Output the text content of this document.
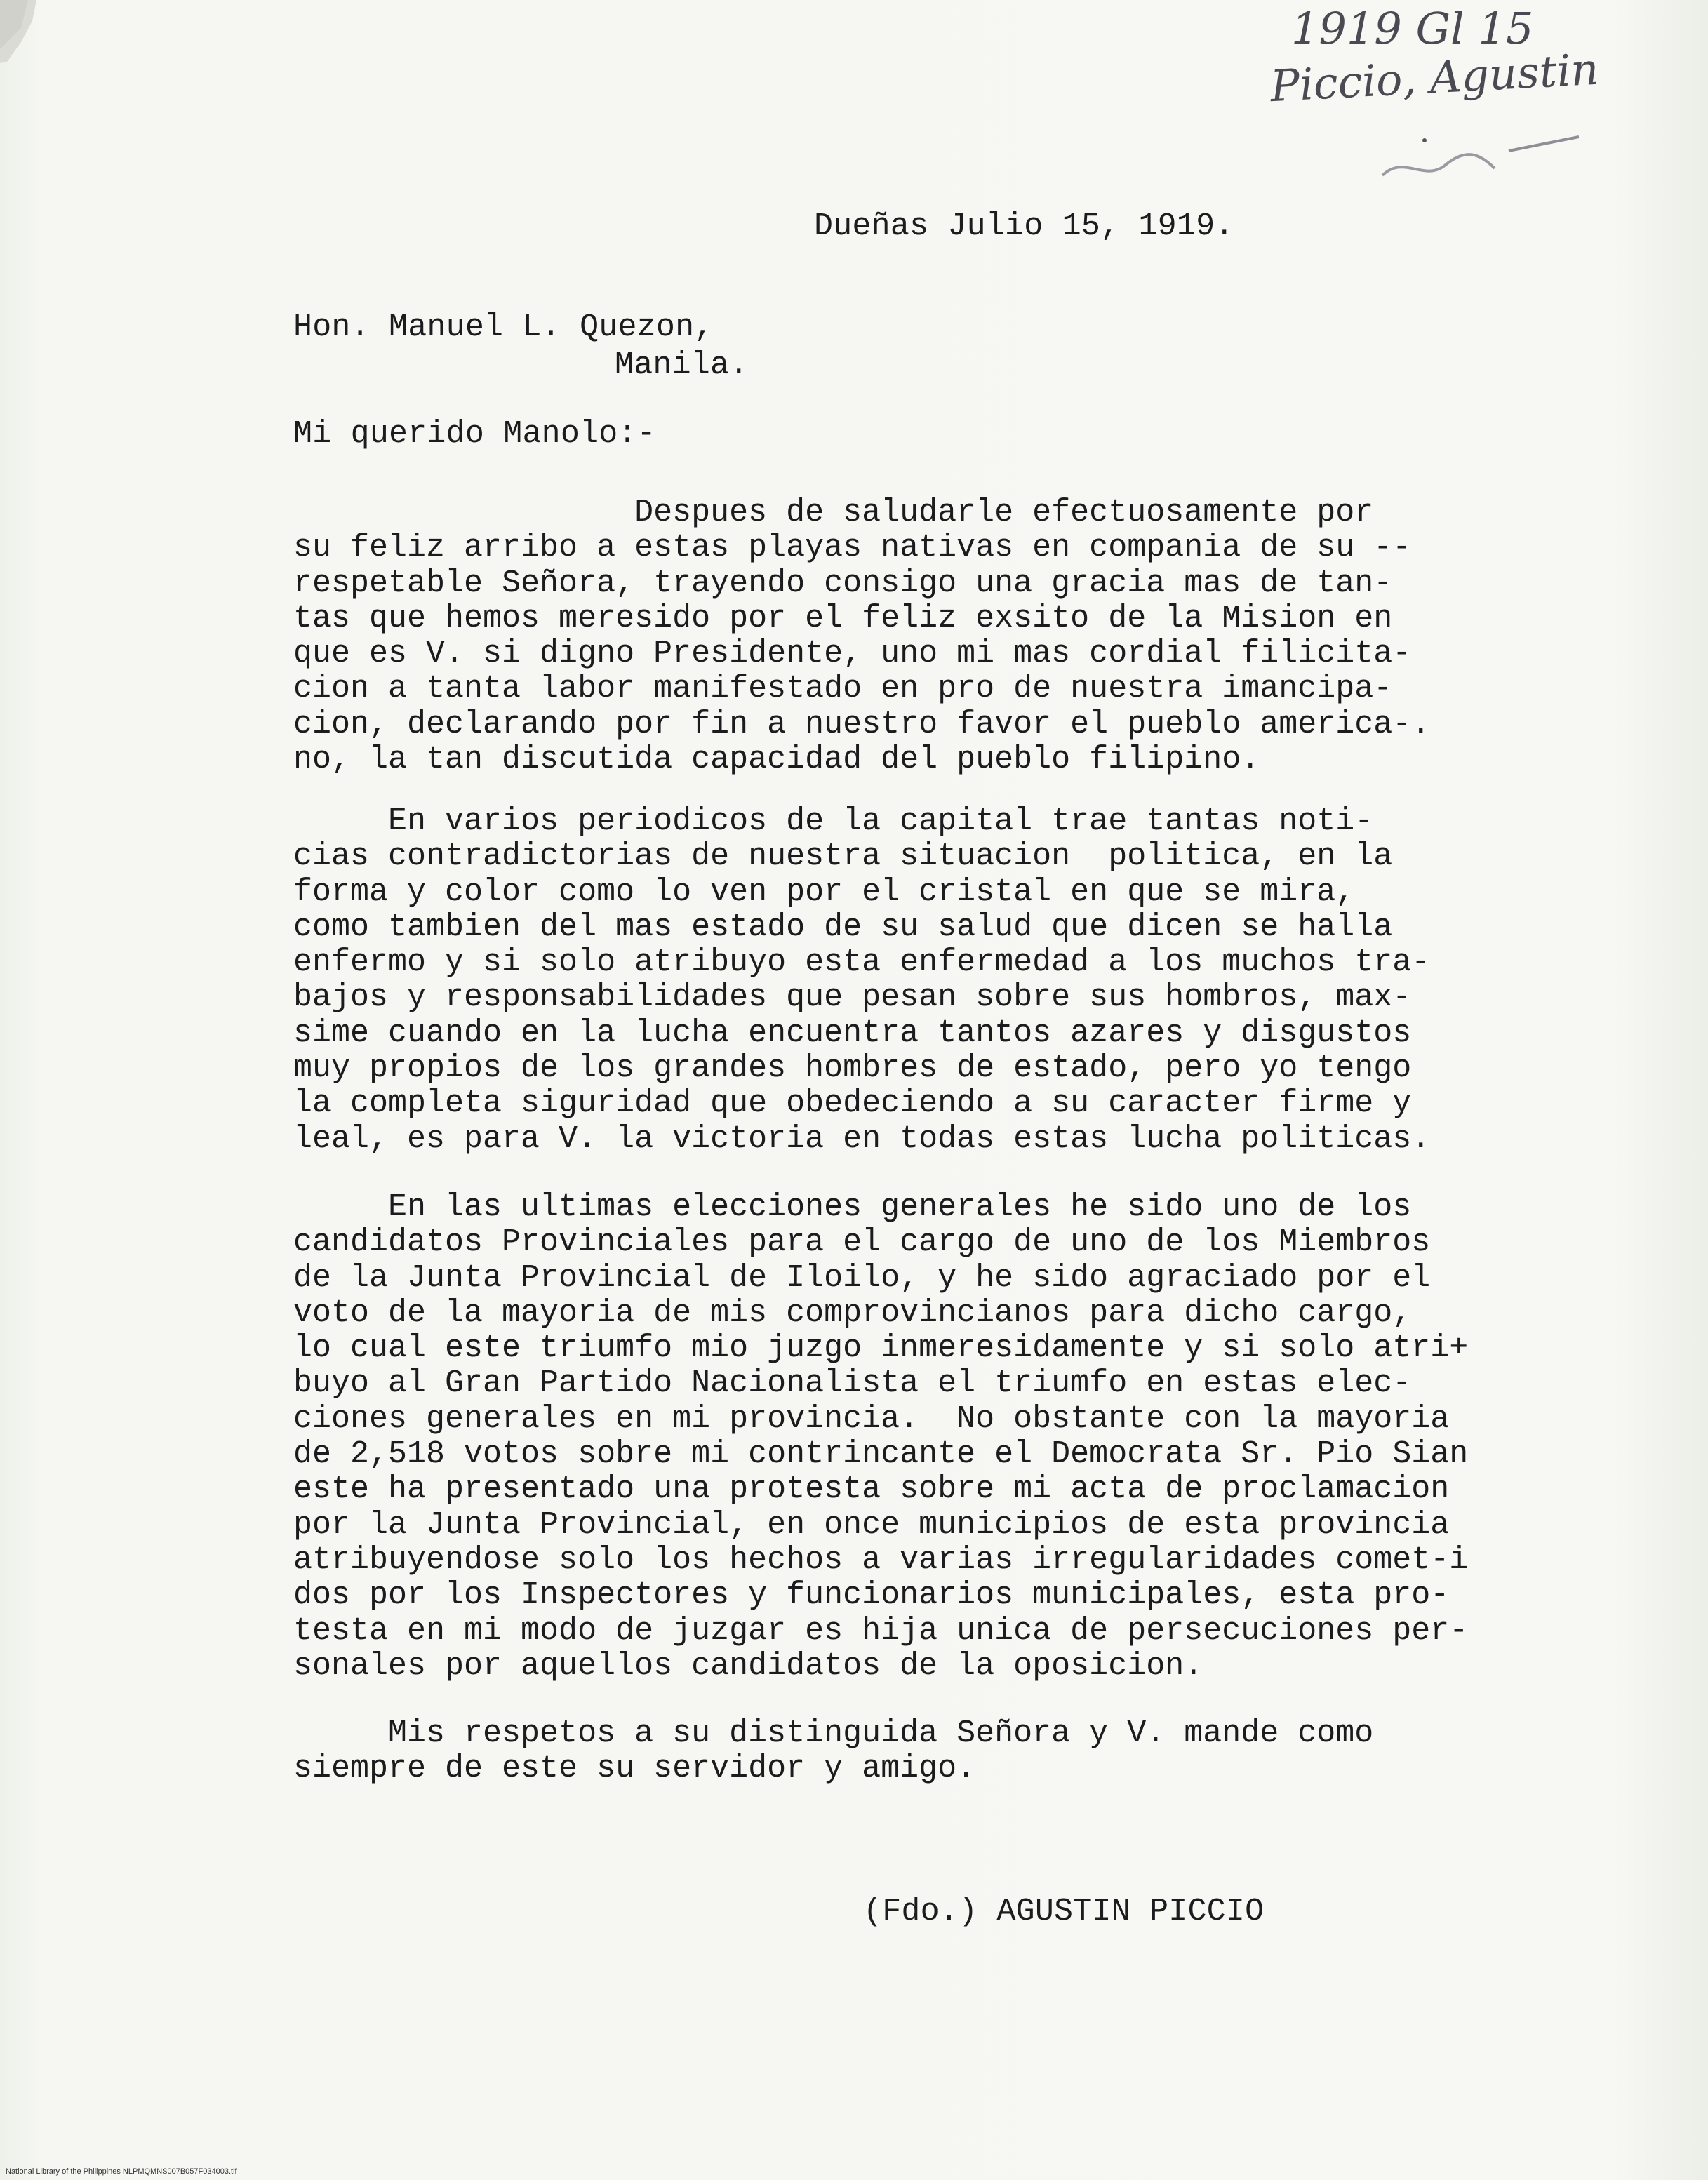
1919 Gl 15
Piccio, Agustin
Dueñas Julio 15, 1919.
Hon. Manuel L. Quezon,
Manila.
Mi querido Manolo:-
Despues de saludarle efectuosamente por
su feliz arribo a estas playas nativas en compania de su --
respetable Señora, trayendo consigo una gracia mas de tan-
tas que hemos meresido por el feliz exsito de la Mision en
que es V. si digno Presidente, uno mi mas cordial filicita-
cion a tanta labor manifestado en pro de nuestra imancipa-
cion, declarando por fin a nuestro favor el pueblo america-.
no, la tan discutida capacidad del pueblo filipino.
En varios periodicos de la capital trae tantas noti-
cias contradictorias de nuestra situacion  politica, en la
forma y color como lo ven por el cristal en que se mira,
como tambien del mas estado de su salud que dicen se halla
enfermo y si solo atribuyo esta enfermedad a los muchos tra-
bajos y responsabilidades que pesan sobre sus hombros, max-
sime cuando en la lucha encuentra tantos azares y disgustos
muy propios de los grandes hombres de estado, pero yo tengo
la completa siguridad que obedeciendo a su caracter firme y
leal, es para V. la victoria en todas estas lucha politicas.
En las ultimas elecciones generales he sido uno de los
candidatos Provinciales para el cargo de uno de los Miembros
de la Junta Provincial de Iloilo, y he sido agraciado por el
voto de la mayoria de mis comprovincianos para dicho cargo,
lo cual este triumfo mio juzgo inmeresidamente y si solo atri+
buyo al Gran Partido Nacionalista el triumfo en estas elec-
ciones generales en mi provincia.  No obstante con la mayoria
de 2,518 votos sobre mi contrincante el Democrata Sr. Pio Sian
este ha presentado una protesta sobre mi acta de proclamacion
por la Junta Provincial, en once municipios de esta provincia
atribuyendose solo los hechos a varias irregularidades comet-i
dos por los Inspectores y funcionarios municipales, esta pro-
testa en mi modo de juzgar es hija unica de persecuciones per-
sonales por aquellos candidatos de la oposicion.
Mis respetos a su distinguida Señora y V. mande como
siempre de este su servidor y amigo.
(Fdo.) AGUSTIN PICCIO
National Library of the Philippines NLPMQMNS007B057F034003.tif
